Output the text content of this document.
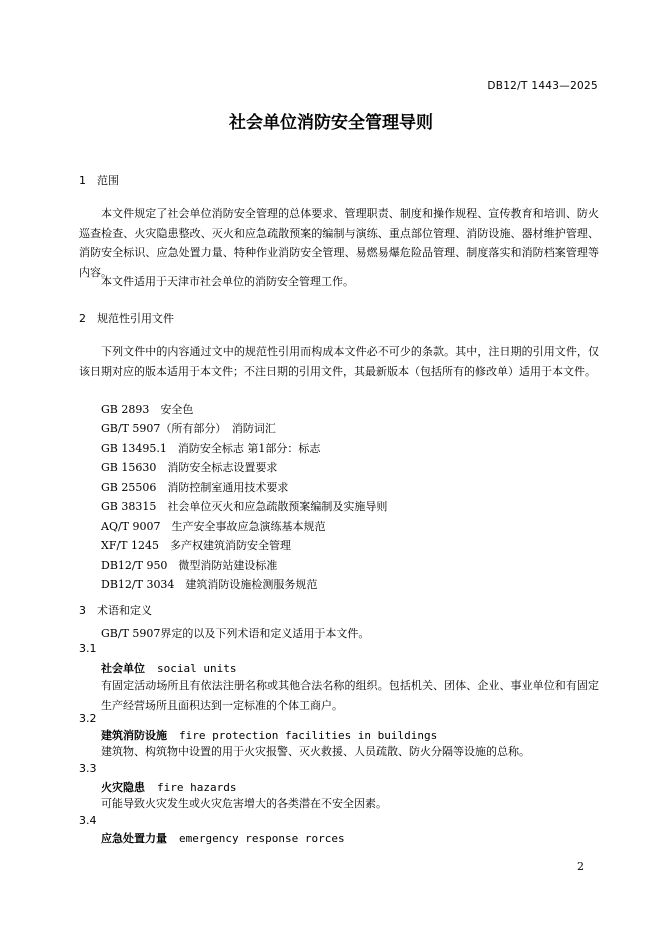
DB12/T 1443—2025
社会单位消防安全管理导则
1 范围
本文件规定了社会单位消防安全管理的总体要求、管理职责、制度和操作规程、宣传教育和培训、防火巡查检查、火灾隐患整改、灭火和应急疏散预案的编制与演练、重点部位管理、消防设施、器材维护管理、消防安全标识、应急处置力量、特种作业消防安全管理、易燃易爆危险品管理、制度落实和消防档案管理等内容。
本文件适用于天津市社会单位的消防安全管理工作。
2 规范性引用文件
下列文件中的内容通过文中的规范性引用而构成本文件必不可少的条款。其中，注日期的引用文件，仅该日期对应的版本适用于本文件；不注日期的引用文件，其最新版本（包括所有的修改单）适用于本文件。
GB 2893　安全色
GB/T 5907（所有部分）　消防词汇
GB 13495.1　消防安全标志 第1部分：标志
GB 15630　消防安全标志设置要求
GB 25506　消防控制室通用技术要求
GB 38315　社会单位灭火和应急疏散预案编制及实施导则
AQ/T 9007　生产安全事故应急演练基本规范
XF/T 1245　多产权建筑消防安全管理
DB12/T 950　微型消防站建设标准
DB12/T 3034　建筑消防设施检测服务规范
3 术语和定义
GB/T 5907界定的以及下列术语和定义适用于本文件。
3.1
社会单位 social units
有固定活动场所且有依法注册名称或其他合法名称的组织。包括机关、团体、企业、事业单位和有固定生产经营场所且面积达到一定标准的个体工商户。
3.2
建筑消防设施 fire protection facilities in buildings
建筑物、构筑物中设置的用于火灾报警、灭火救援、人员疏散、防火分隔等设施的总称。
3.3
火灾隐患 fire hazards
可能导致火灾发生或火灾危害增大的各类潜在不安全因素。
3.4
应急处置力量 emergency response rorces
2
